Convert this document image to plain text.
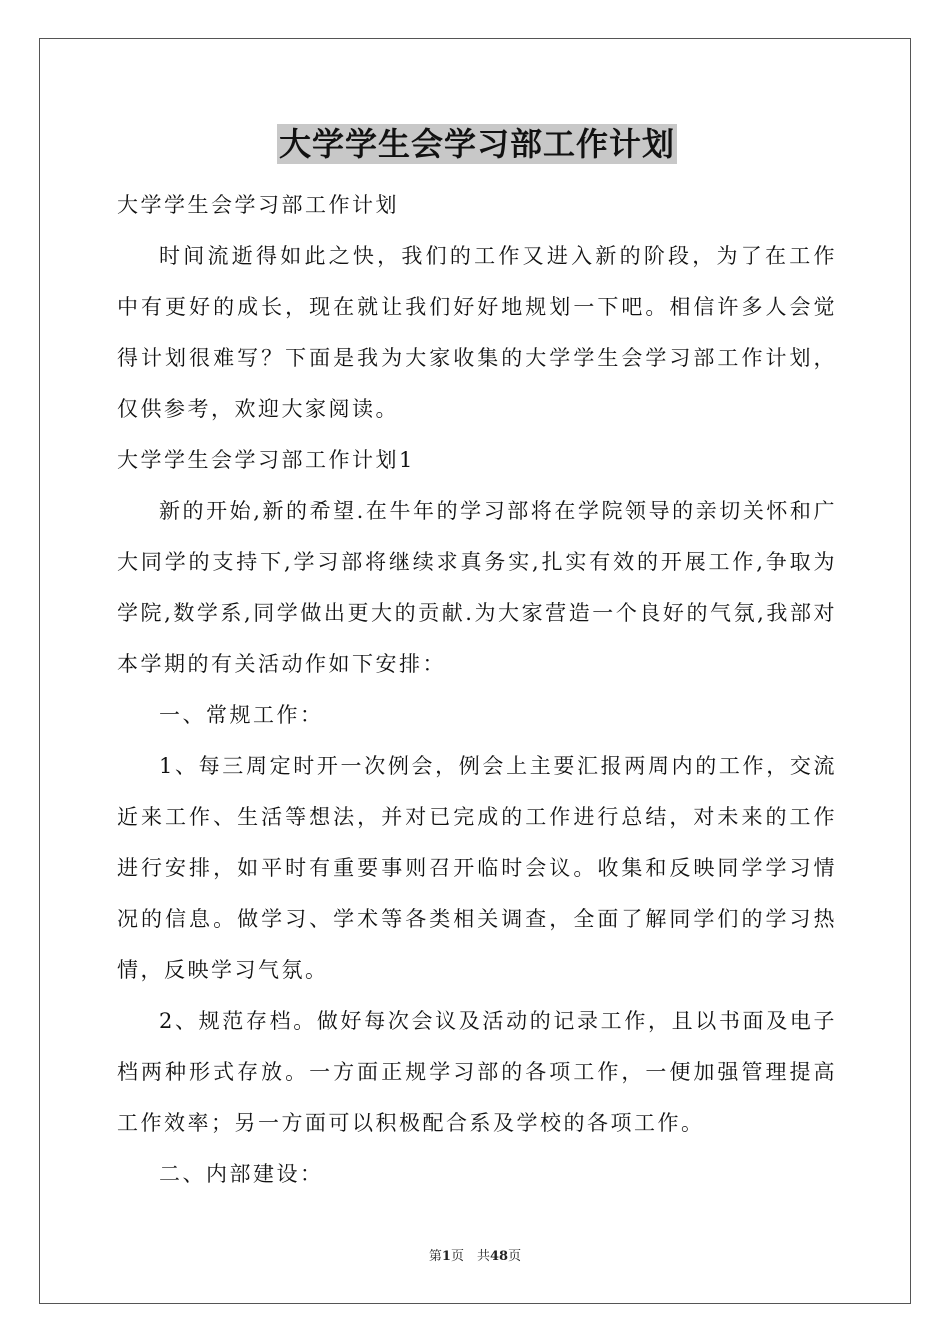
大学学生会学习部工作计划
大学学生会学习部工作计划

时间流逝得如此之快，我们的工作又进入新的阶段，为了在工作中有更好的成长，现在就让我们好好地规划一下吧。相信许多人会觉得计划很难写？下面是我为大家收集的大学学生会学习部工作计划，仅供参考，欢迎大家阅读。

大学学生会学习部工作计划1

新的开始,新的希望.在牛年的学习部将在学院领导的亲切关怀和广大同学的支持下,学习部将继续求真务实,扎实有效的开展工作,争取为学院,数学系,同学做出更大的贡献.为大家营造一个良好的气氛,我部对本学期的有关活动作如下安排：

一、常规工作：

1、每三周定时开一次例会，例会上主要汇报两周内的工作，交流近来工作、生活等想法，并对已完成的工作进行总结，对未来的工作进行安排，如平时有重要事则召开临时会议。收集和反映同学学习情况的信息。做学习、学术等各类相关调查，全面了解同学们的学习热情，反映学习气氛。

2、规范存档。做好每次会议及活动的记录工作，且以书面及电子档两种形式存放。一方面正规学习部的各项工作，一便加强管理提高工作效率；另一方面可以积极配合系及学校的各项工作。

二、内部建设：

第1页　共48页
